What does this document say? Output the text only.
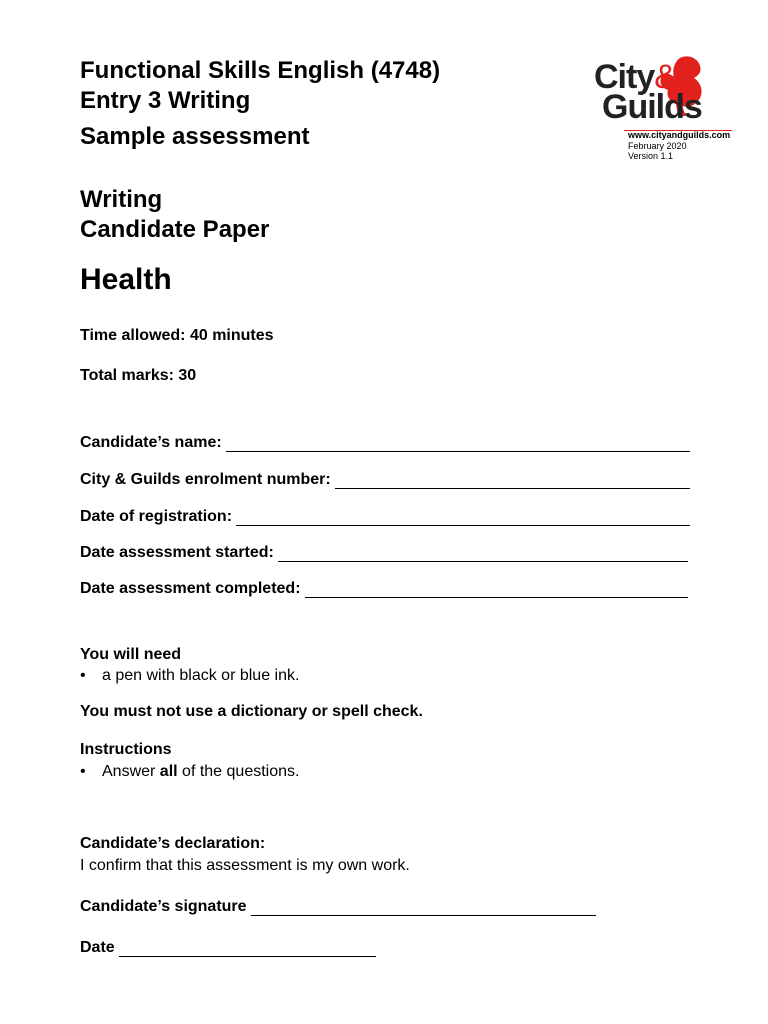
Functional Skills English (4748)
Entry 3 Writing
Sample assessment
City&
Guilds
www.cityandguilds.com
February 2020
Version 1.1
Writing
Candidate Paper
Health
Time allowed: 40 minutes
Total marks: 30
Candidate’s name:
City & Guilds enrolment number:
Date of registration:
Date assessment started:
Date assessment completed:
You will need
• a pen with black or blue ink.
You must not use a dictionary or spell check.
Instructions
• Answer all of the questions.
Candidate’s declaration:
I confirm that this assessment is my own work.
Candidate’s signature
Date
